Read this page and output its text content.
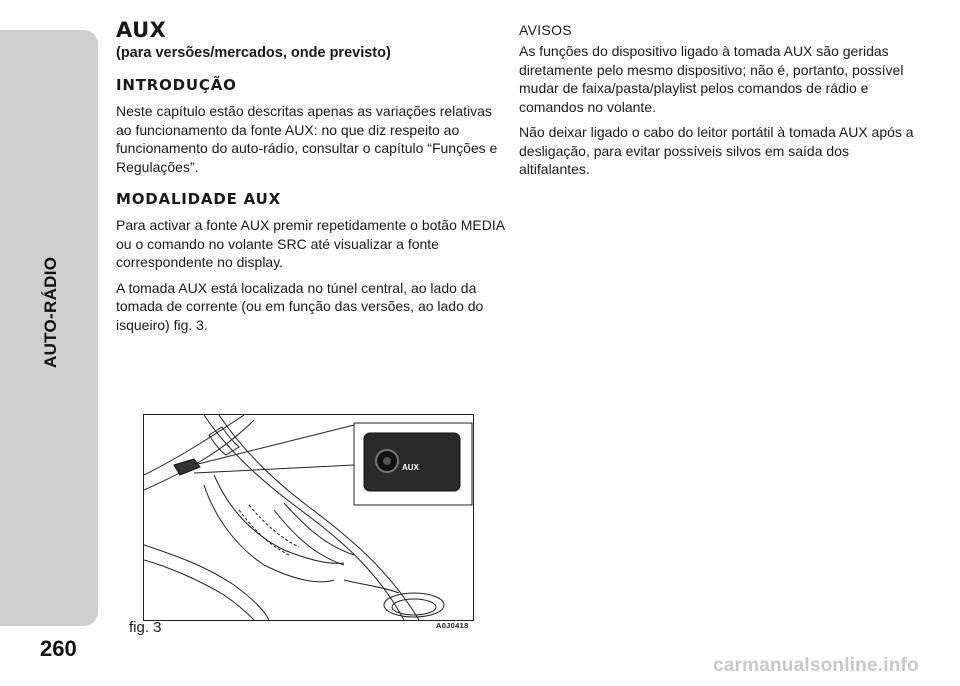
AUTO-RÁDIO
260
AUX
(para versões/mercados, onde previsto)
INTRODUÇÃO

Neste capítulo estão descritas apenas as variações relativas ao funcionamento da fonte AUX: no que diz respeito ao funcionamento do auto-rádio, consultar o capítulo “Funções e Regulações”.

MODALIDADE AUX

Para activar a fonte AUX premir repetidamente o botão MEDIA ou o comando no volante SRC até visualizar a fonte correspondente no display.

A tomada AUX está localizada no túnel central, ao lado da tomada de corrente (ou em função das versões, ao lado do isqueiro) fig. 3.

AVISOS

As funções do dispositivo ligado à tomada AUX são geridas diretamente pelo mesmo dispositivo; não é, portanto, possível mudar de faixa/pasta/playlist pelos comandos de rádio e comandos no volante.

Não deixar ligado o cabo do leitor portátil à tomada AUX após a desligação, para evitar possíveis silvos em saída dos altifalantes.

AUX
fig. 3	A0J0418
carmanualsonline.info
